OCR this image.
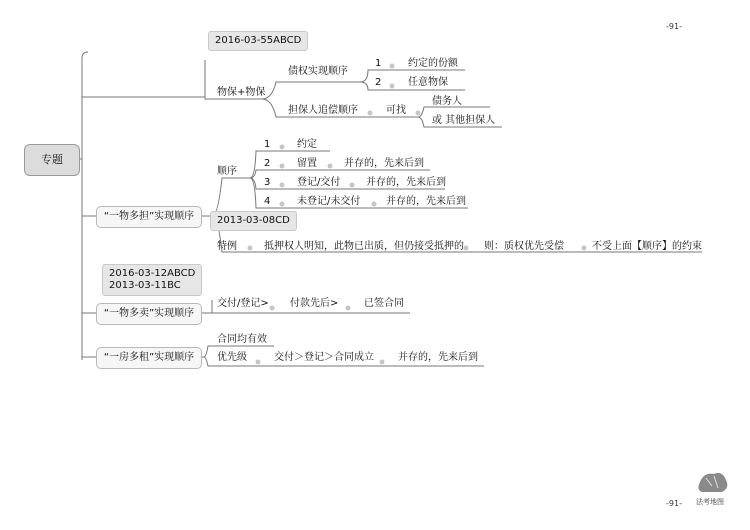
-91-
-91- 法考地图
专题
2016-03-55ABCD
物保+物保
债权实现顺序
1	约定的份额
2	任意物保
担保人追偿顺序	可找
债务人
或 其他担保人
“一物多担”实现顺序
顺序
1	约定
2	留置	并存的，先来后到
3	登记/交付	并存的，先来后到
4	未登记/未交付	并存的，先来后到
2013-03-08CD
特例	抵押权人明知，此物已出质，但仍接受抵押的 则：质权优先受偿	不受上面【顺序】的约束
2016-03-12ABCD
2013-03-11BC
“一物多卖”实现顺序
交付/登记> 付款先后>	已签合同
“一房多租”实现顺序
合同均有效
优先级	交付＞登记＞合同成立 并存的，先来后到
